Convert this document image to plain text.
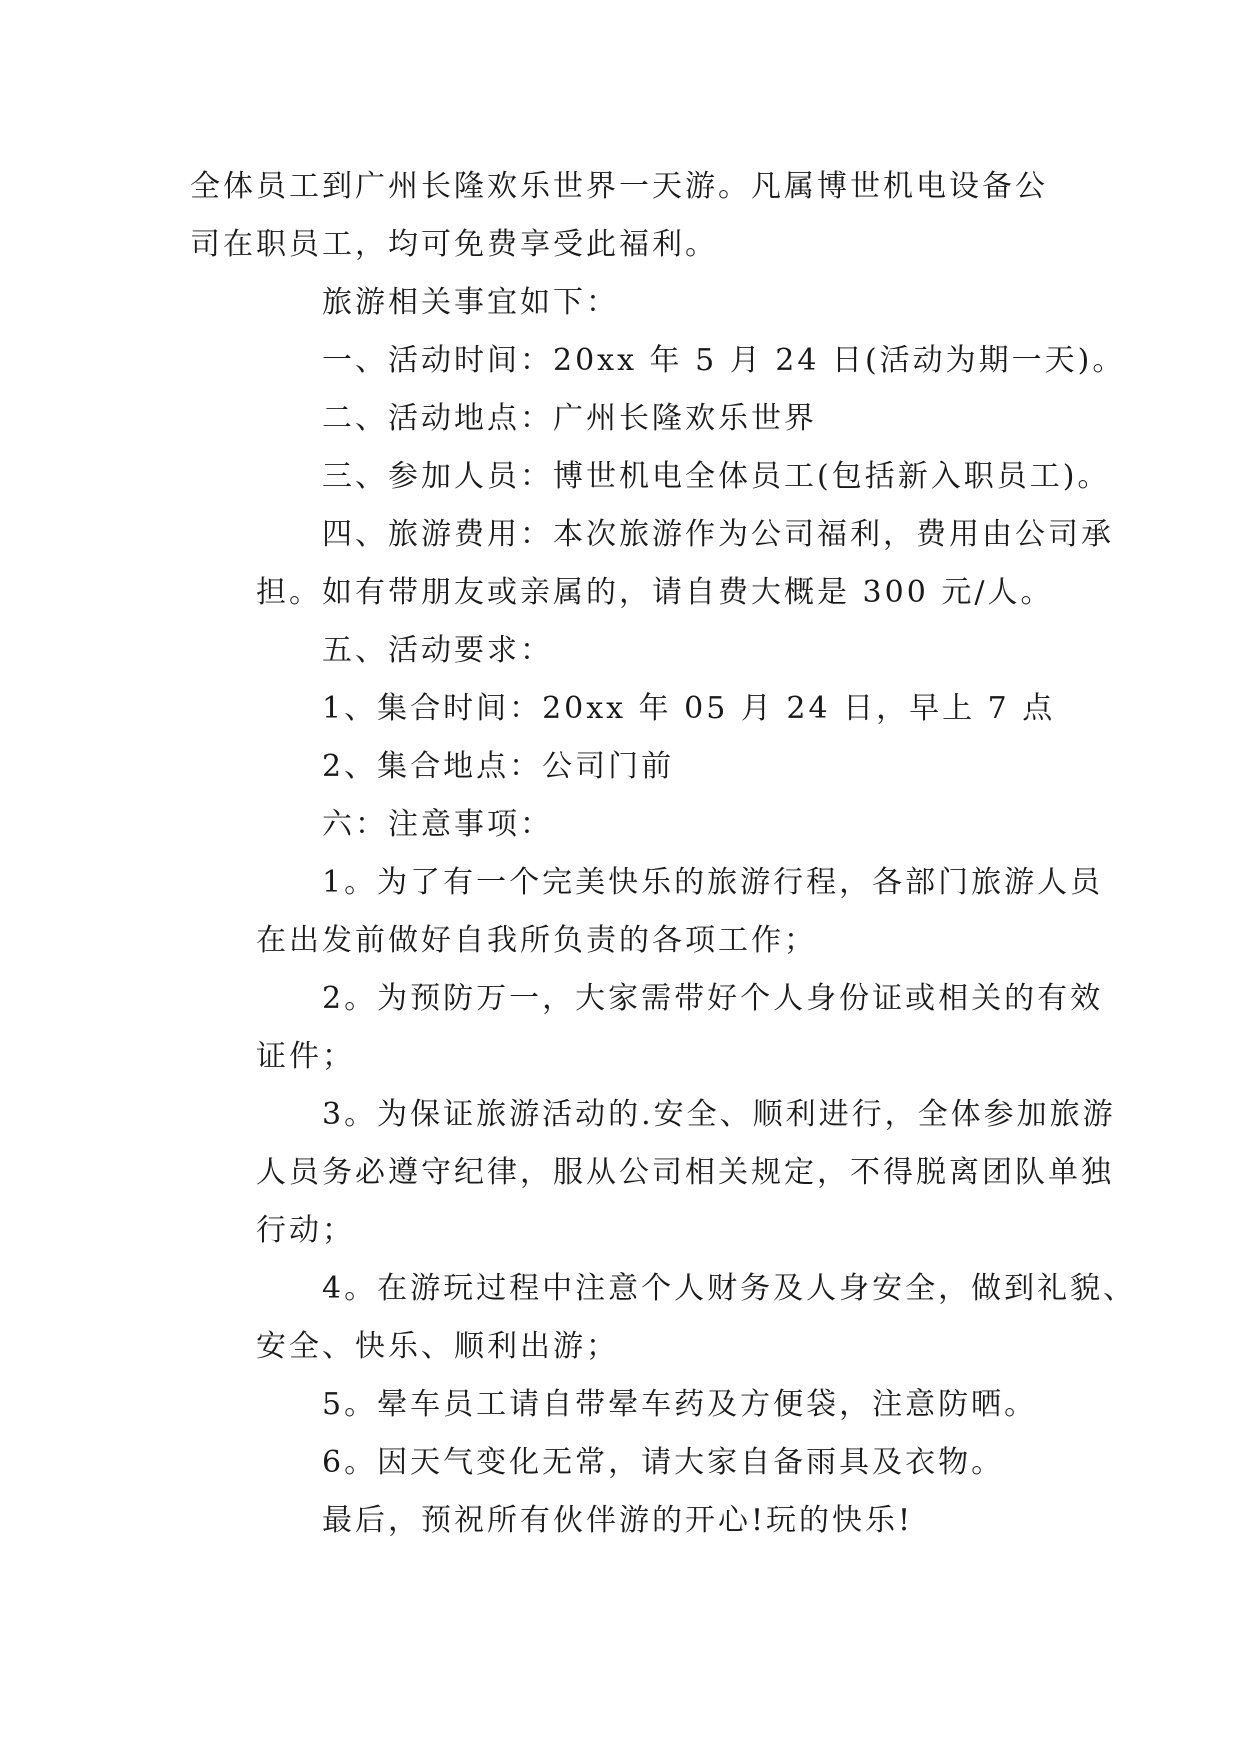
全体员工到广州长隆欢乐世界一天游。凡属博世机电设备公
司在职员工，均可免费享受此福利。
旅游相关事宜如下：
一、活动时间：20xx 年 5 月 24 日(活动为期一天)。
二、活动地点：广州长隆欢乐世界
三、参加人员：博世机电全体员工(包括新入职员工)。
四、旅游费用：本次旅游作为公司福利，费用由公司承
担。如有带朋友或亲属的，请自费大概是 300 元/人。
五、活动要求：
1、集合时间：20xx 年 05 月 24 日，早上 7 点
2、集合地点：公司门前
六：注意事项：
1。为了有一个完美快乐的旅游行程，各部门旅游人员
在出发前做好自我所负责的各项工作；
2。为预防万一，大家需带好个人身份证或相关的有效
证件；
3。为保证旅游活动的.安全、顺利进行，全体参加旅游
人员务必遵守纪律，服从公司相关规定，不得脱离团队单独
行动；
4。在游玩过程中注意个人财务及人身安全，做到礼貌、
安全、快乐、顺利出游；
5。晕车员工请自带晕车药及方便袋，注意防晒。
6。因天气变化无常，请大家自备雨具及衣物。
最后，预祝所有伙伴游的开心!玩的快乐!
